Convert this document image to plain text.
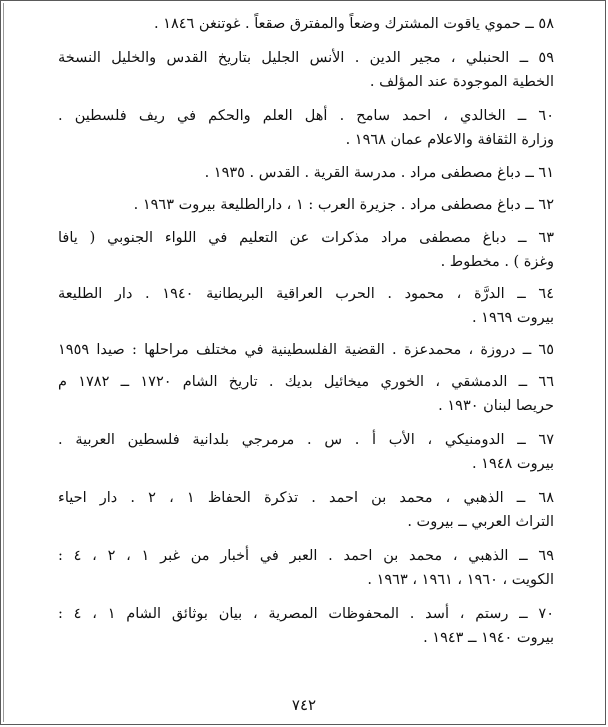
٥٨ ــ حموي ياقوت المشترك وضعاً والمفترق صقعاً . غوتنغن ١٨٤٦ .
٥٩ ــ الحنبلي ، مجير الدين . الأنس الجليل بتاريخ القدس والخليل النسخة
الخطية الموجودة عند المؤلف .
٦٠ ــ الخالدي ، احمد سامح . أهل العلم والحكم في ريف فلسطين .
وزارة الثقافة والاعلام عمان ١٩٦٨ .
٦١ ــ دباغ مصطفى مراد . مدرسة القرية . القدس . ١٩٣٥ .
٦٢ ــ دباغ مصطفى مراد . جزيرة العرب : ١ ، دارالطليعة بيروت ١٩٦٣ .
٦٣ ــ دباغ مصطفى مراد مذكرات عن التعليم في اللواء الجنوبي ( يافا
وغزة ) . مخطوط .
٦٤ ــ الدرَّة ، محمود . الحرب العراقية البريطانية ١٩٤٠ . دار الطليعة
بيروت ١٩٦٩ .
٦٥ ــ دروزة ، محمدعزة . القضية الفلسطينية في مختلف مراحلها : صيدا ١٩٥٩
٦٦ ــ الدمشقي ، الخوري ميخائيل بديك . تاريخ الشام ١٧٢٠ ــ ١٧٨٢ م
حريصا لبنان ١٩٣٠ .
٦٧ ــ الدومنيكي ، الأب أ . س . مرمرجي بلدانية فلسطين العربية .
بيروت ١٩٤٨ .
٦٨ ــ الذهبي ، محمد بن احمد . تذكرة الحفاظ ١ ، ٢ . دار احياء
التراث العربي ــ بيروت .
٦٩ ــ الذهبي ، محمد بن احمد . العبر في أخبار من غبر ١ ، ٢ ، ٤ :
الكويت ، ١٩٦٠ ، ١٩٦١ ، ١٩٦٣ .
٧٠ ــ رستم ، أسد . المحفوظات المصرية ، بيان بوثائق الشام ١ ، ٤ :
بيروت ١٩٤٠ ــ ١٩٤٣ .
٧٤٢
